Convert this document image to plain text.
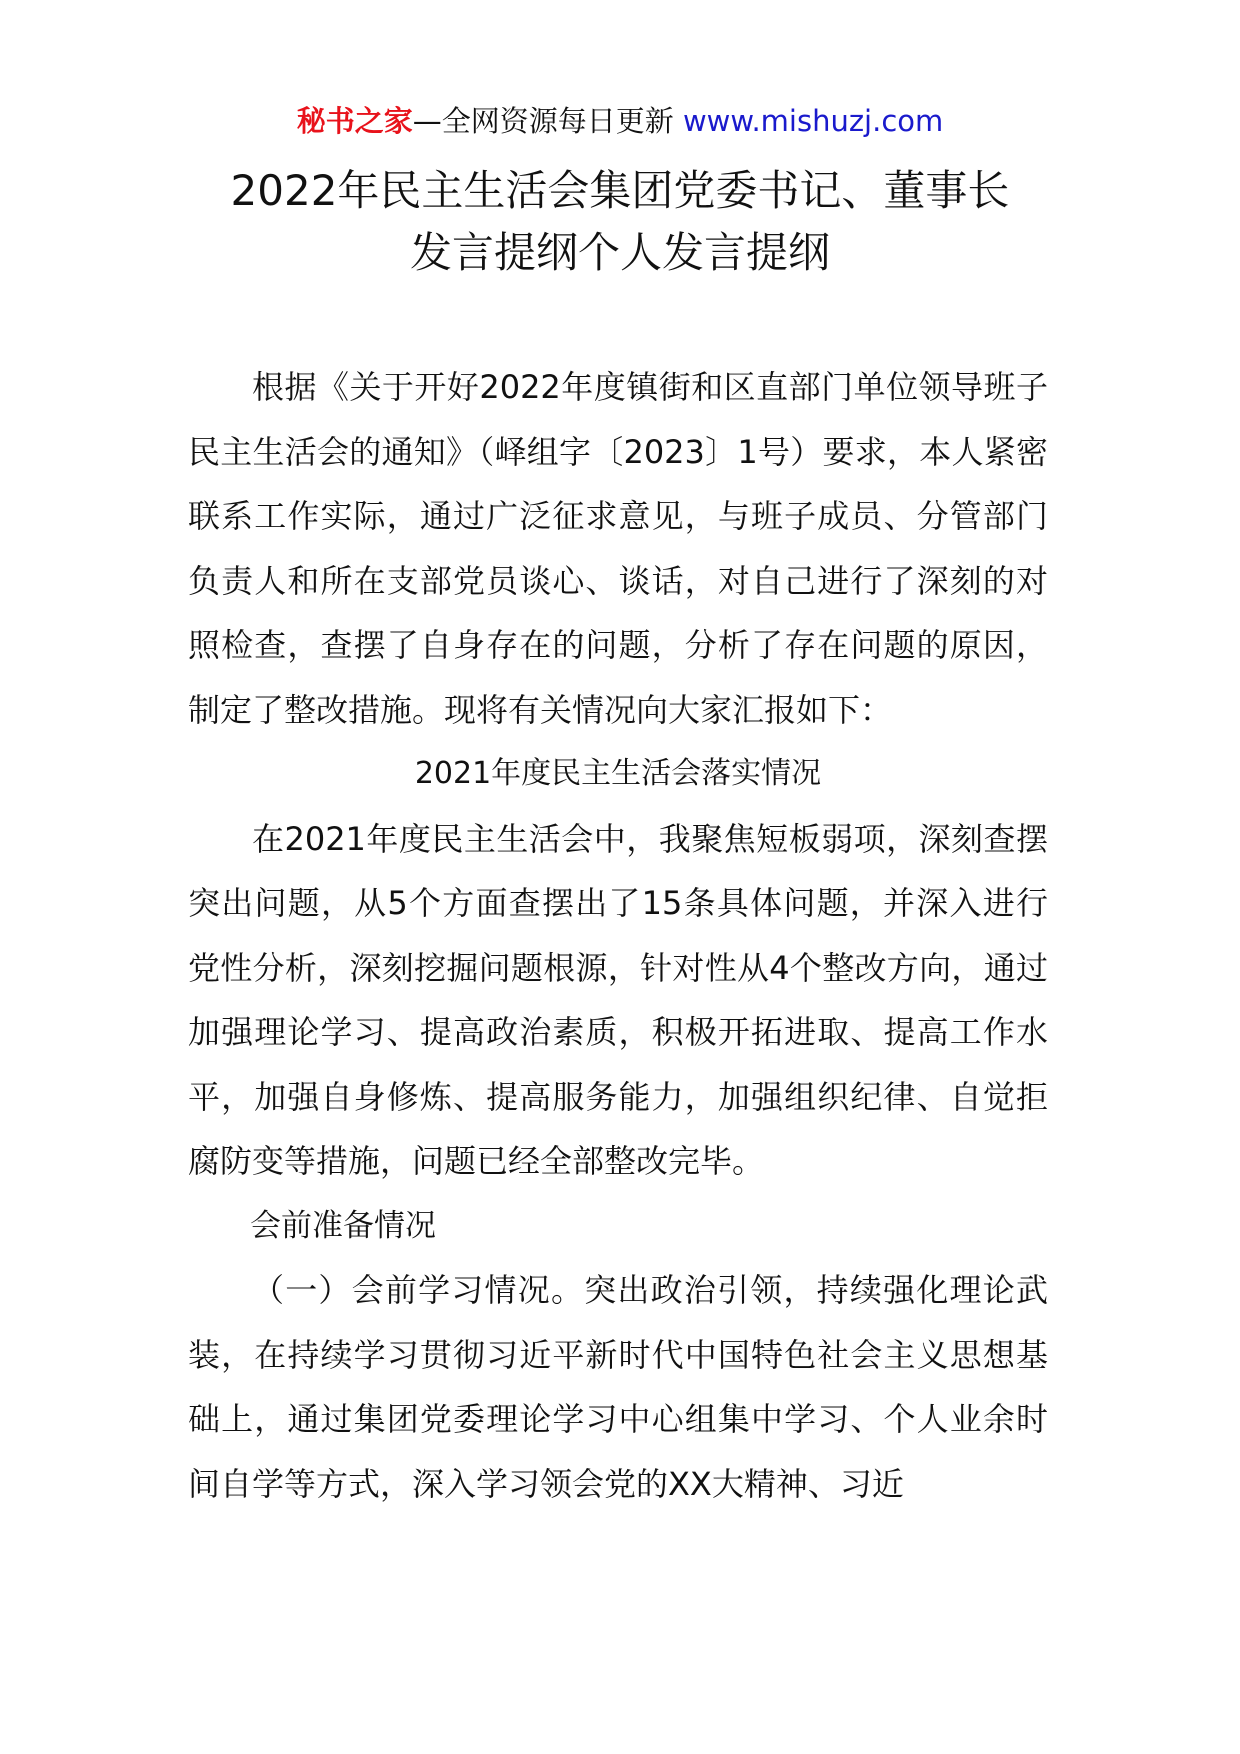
秘书之家—全网资源每日更新 www.mishuzj.com
2022年民主生活会集团党委书记、董事长
发言提纲个人发言提纲

根据《关于开好2022年度镇街和区直部门单位领导班子民主生活会的通知》（峄组字〔2023〕1号）要求，本人紧密联系工作实际，通过广泛征求意见，与班子成员、分管部门负责人和所在支部党员谈心、谈话，对自己进行了深刻的对照检查，查摆了自身存在的问题，分析了存在问题的原因，制定了整改措施。现将有关情况向大家汇报如下：

2021年度民主生活会落实情况

在2021年度民主生活会中，我聚焦短板弱项，深刻查摆突出问题，从5个方面查摆出了15条具体问题，并深入进行党性分析，深刻挖掘问题根源，针对性从4个整改方向，通过加强理论学习、提高政治素质，积极开拓进取、提高工作水平，加强自身修炼、提高服务能力，加强组织纪律、自觉拒腐防变等措施，问题已经全部整改完毕。

会前准备情况

（一）会前学习情况。突出政治引领，持续强化理论武装，在持续学习贯彻习近平新时代中国特色社会主义思想基础上，通过集团党委理论学习中心组集中学习、个人业余时间自学等方式，深入学习领会党的XX大精神、习近
